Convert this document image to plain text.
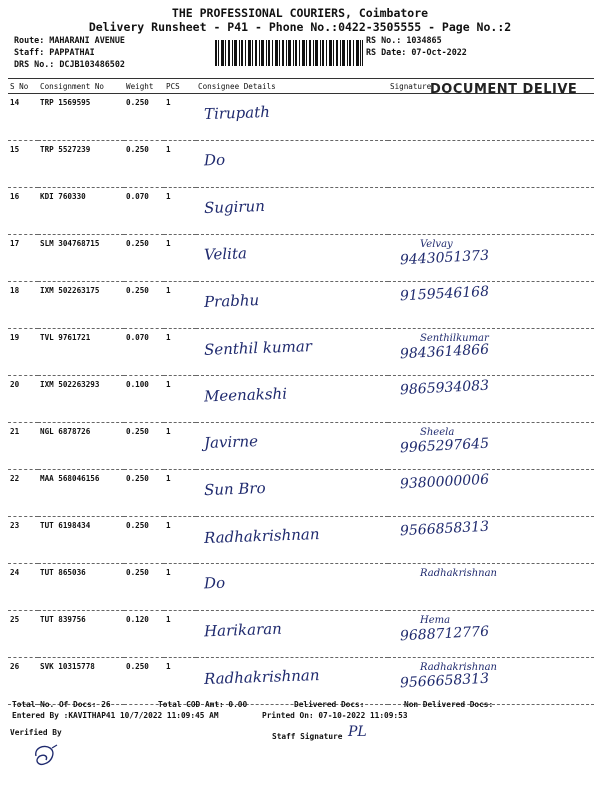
THE PROFESSIONAL COURIERS, Coimbatore
Delivery Runsheet - P41 - Phone No.:0422-3505555 - Page No.:2
Route: MAHARANI AVENUE
Staff: PAPPATHAI
DRS No.: DCJB103486502
RS No.: 1034865
RS Date: 07-Oct-2022
S No	Consignment No	Weight	PCS	Consignee Details	Signature
14	TRP 1569595	0.250	1	Tirupath	

15	TRP 5527239	0.250	1	Do	

16	KDI 760330	0.070	1	Sugirun	

17	SLM 304768715	0.250	1	Velita	Velvay
9443051373
18	IXM 502263175	0.250	1	Prabhu	9159546168
19	TVL 9761721	0.070	1	Senthil kumar	Senthilkumar
9843614866
20	IXM 502263293	0.100	1	Meenakshi	9865934083
21	NGL 6878726	0.250	1	Javirne	Sheela
9965297645
22	MAA 568046156	0.250	1	Sun Bro	9380000006
23	TUT 6198434	0.250	1	Radhakrishnan	9566858313
24	TUT 865036	0.250	1	Do	Radhakrishnan

25	TUT 839756	0.120	1	Harikaran	Hema
9688712776
26	SVK 10315778	0.250	1	Radhakrishnan	Radhakrishnan
9566658313
DOCUMENT DELIVE
Total No. Of Docs: 26	Total COD Amt: 0.00	Delivered Docs:	Non Delivered Docs:
Entered By :KAVITHAP41 10/7/2022 11:09:45 AM	Printed On: 07-10-2022 11:09:53
Verified By	Staff Signature PL
